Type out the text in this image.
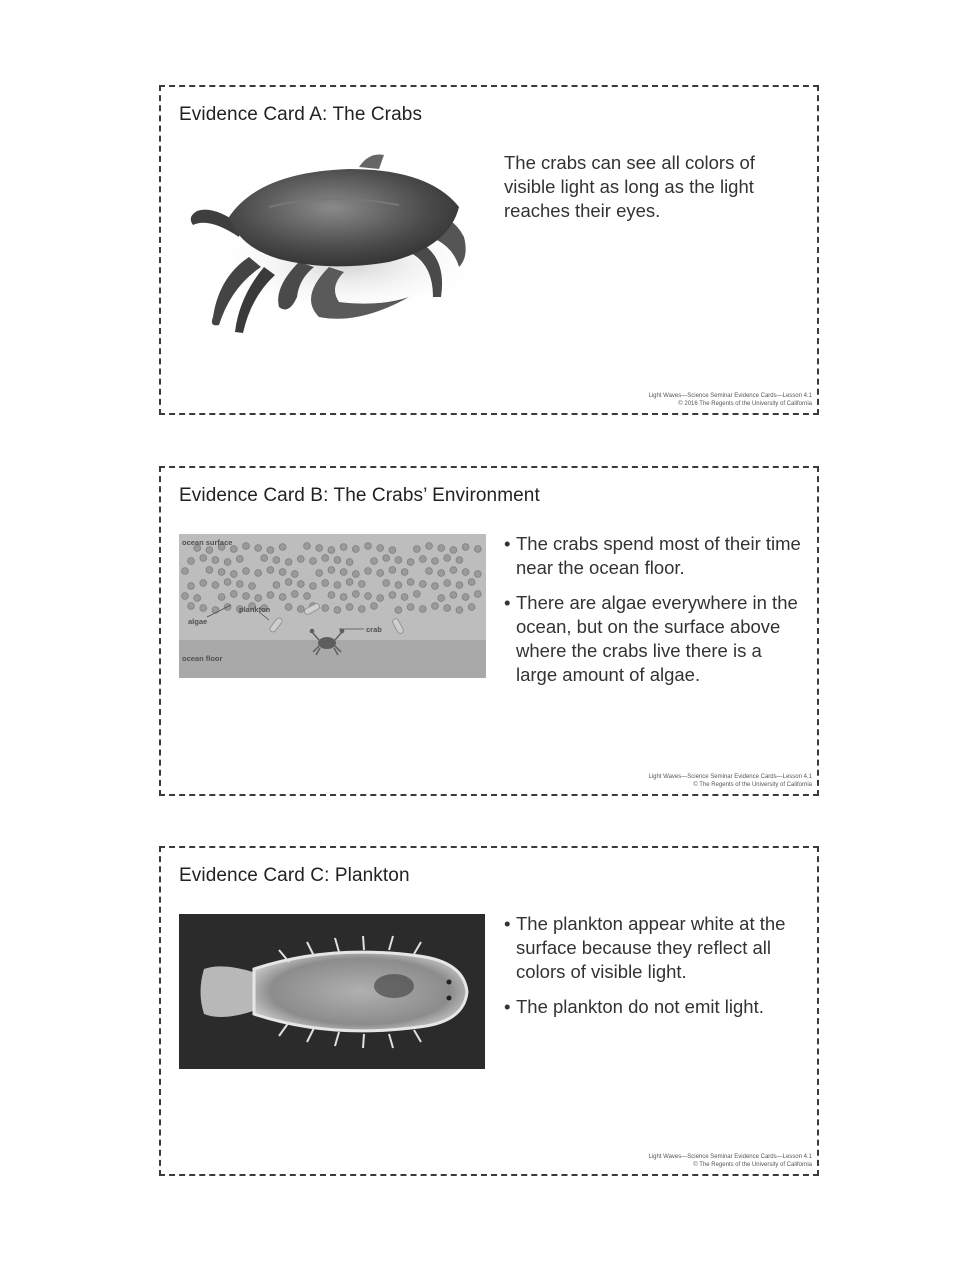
Evidence Card A: The Crabs

The crabs can see all colors of visible light as long as the light reaches their eyes.

Light Waves—Science Seminar Evidence Cards—Lesson 4.1
© 2016 The Regents of the University of California
Evidence Card B: The Crabs’ Environment
ocean surface
plankton
algae
crab
ocean floor
• The crabs spend most of their time near the ocean floor.
• There are algae everywhere in the ocean, but on the surface above where the crabs live there is a large amount of algae.
Light Waves—Science Seminar Evidence Cards—Lesson 4.1
© The Regents of the University of California
Evidence Card C: Plankton
• The plankton appear white at the surface because they reflect all colors of visible light.
• The plankton do not emit light.
Light Waves—Science Seminar Evidence Cards—Lesson 4.1
© The Regents of the University of California
